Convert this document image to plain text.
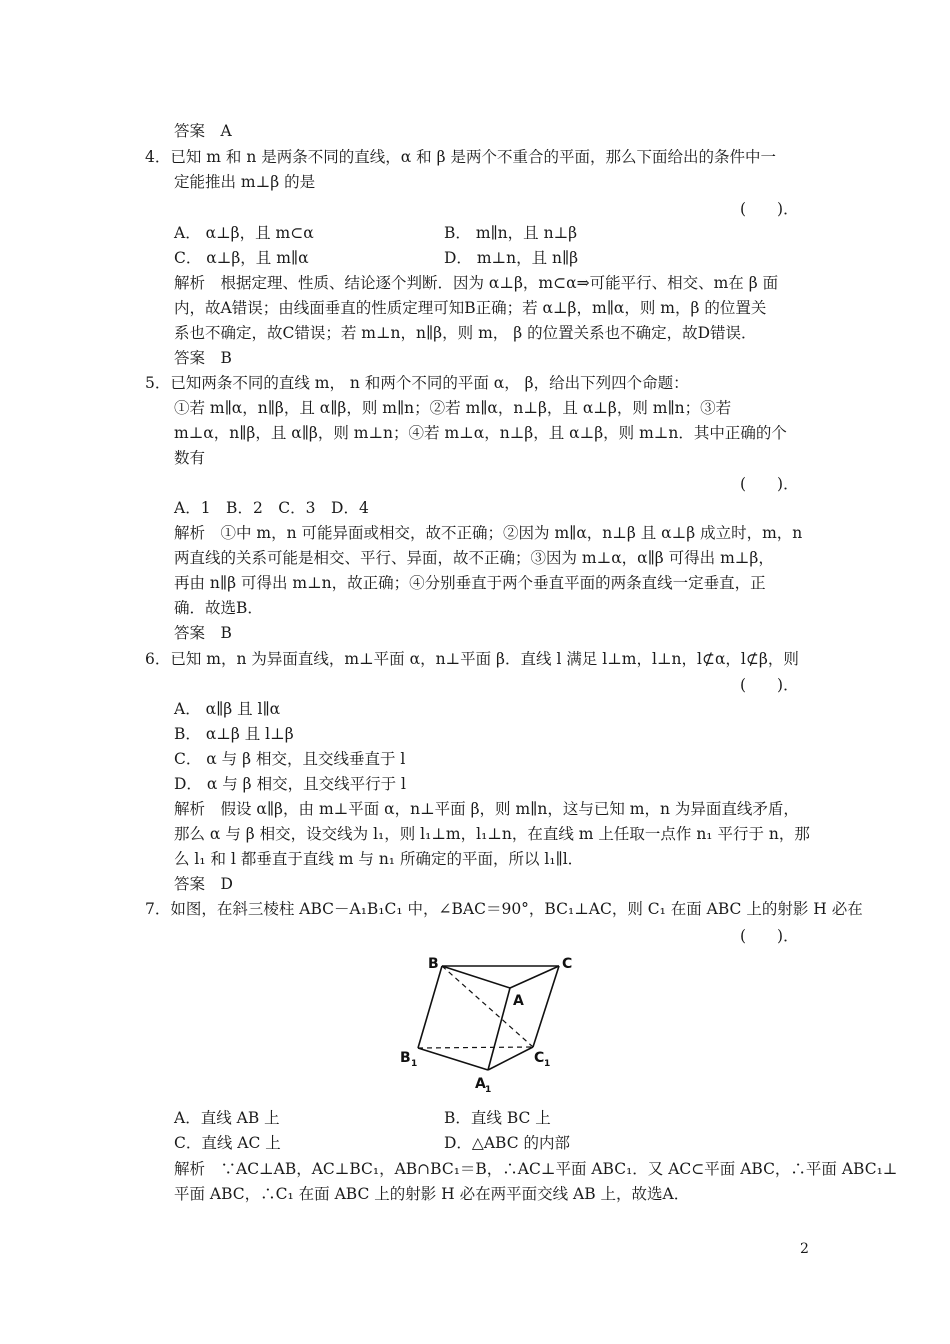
答案　A
4．已知 m 和 n 是两条不同的直线，α 和 β 是两个不重合的平面，那么下面给出的条件中一
定能推出 m⊥β 的是
(　　)．
A． α⊥β，且 m⊂α	B． m∥n，且 n⊥β
C． α⊥β，且 m∥α	D． m⊥n，且 n∥β
解析　根据定理、性质、结论逐个判断．因为 α⊥β，m⊂α⇒可能平行、相交、m在 β 面
内，故A错误；由线面垂直的性质定理可知B正确；若 α⊥β，m∥α，则 m，β 的位置关
系也不确定，故C错误；若 m⊥n，n∥β，则 m， β 的位置关系也不确定，故D错误．
答案　B
5．已知两条不同的直线 m， n 和两个不同的平面 α， β，给出下列四个命题：
①若 m∥α，n∥β，且 α∥β，则 m∥n；②若 m∥α，n⊥β，且 α⊥β，则 m∥n；③若
m⊥α，n∥β，且 α∥β，则 m⊥n；④若 m⊥α，n⊥β，且 α⊥β，则 m⊥n．其中正确的个
数有
(　　)．
A．1　B．2　C．3　D．4
解析　①中 m，n 可能异面或相交，故不正确；②因为 m∥α，n⊥β 且 α⊥β 成立时，m，n
两直线的关系可能是相交、平行、异面，故不正确；③因为 m⊥α，α∥β 可得出 m⊥β，
再由 n∥β 可得出 m⊥n，故正确；④分别垂直于两个垂直平面的两条直线一定垂直，正
确．故选B．
答案　B
6．已知 m，n 为异面直线，m⊥平面 α，n⊥平面 β．直线 l 满足 l⊥m，l⊥n，l⊄α，l⊄β，则
(　　)．
A． α∥β 且 l∥α
B． α⊥β 且 l⊥β
C． α 与 β 相交，且交线垂直于 l
D． α 与 β 相交，且交线平行于 l
解析　假设 α∥β，由 m⊥平面 α，n⊥平面 β，则 m∥n，这与已知 m，n 为异面直线矛盾，
那么 α 与 β 相交，设交线为 l₁，则 l₁⊥m，l₁⊥n，在直线 m 上任取一点作 n₁ 平行于 n，那
么 l₁ 和 l 都垂直于直线 m 与 n₁ 所确定的平面，所以 l₁∥l．
答案　D
7．如图，在斜三棱柱 ABC－A₁B₁C₁ 中，∠BAC＝90°，BC₁⊥AC，则 C₁ 在面 ABC 上的射影 H 必在
(　　)．
B	C
A
B 1	C 1
A 1
A．直线 AB 上	B．直线 BC 上
C．直线 AC 上	D．△ABC 的内部
解析　∵AC⊥AB，AC⊥BC₁，AB∩BC₁＝B，∴AC⊥平面 ABC₁．又 AC⊂平面 ABC，∴平面 ABC₁⊥
平面 ABC，∴C₁ 在面 ABC 上的射影 H 必在两平面交线 AB 上，故选A．
2
